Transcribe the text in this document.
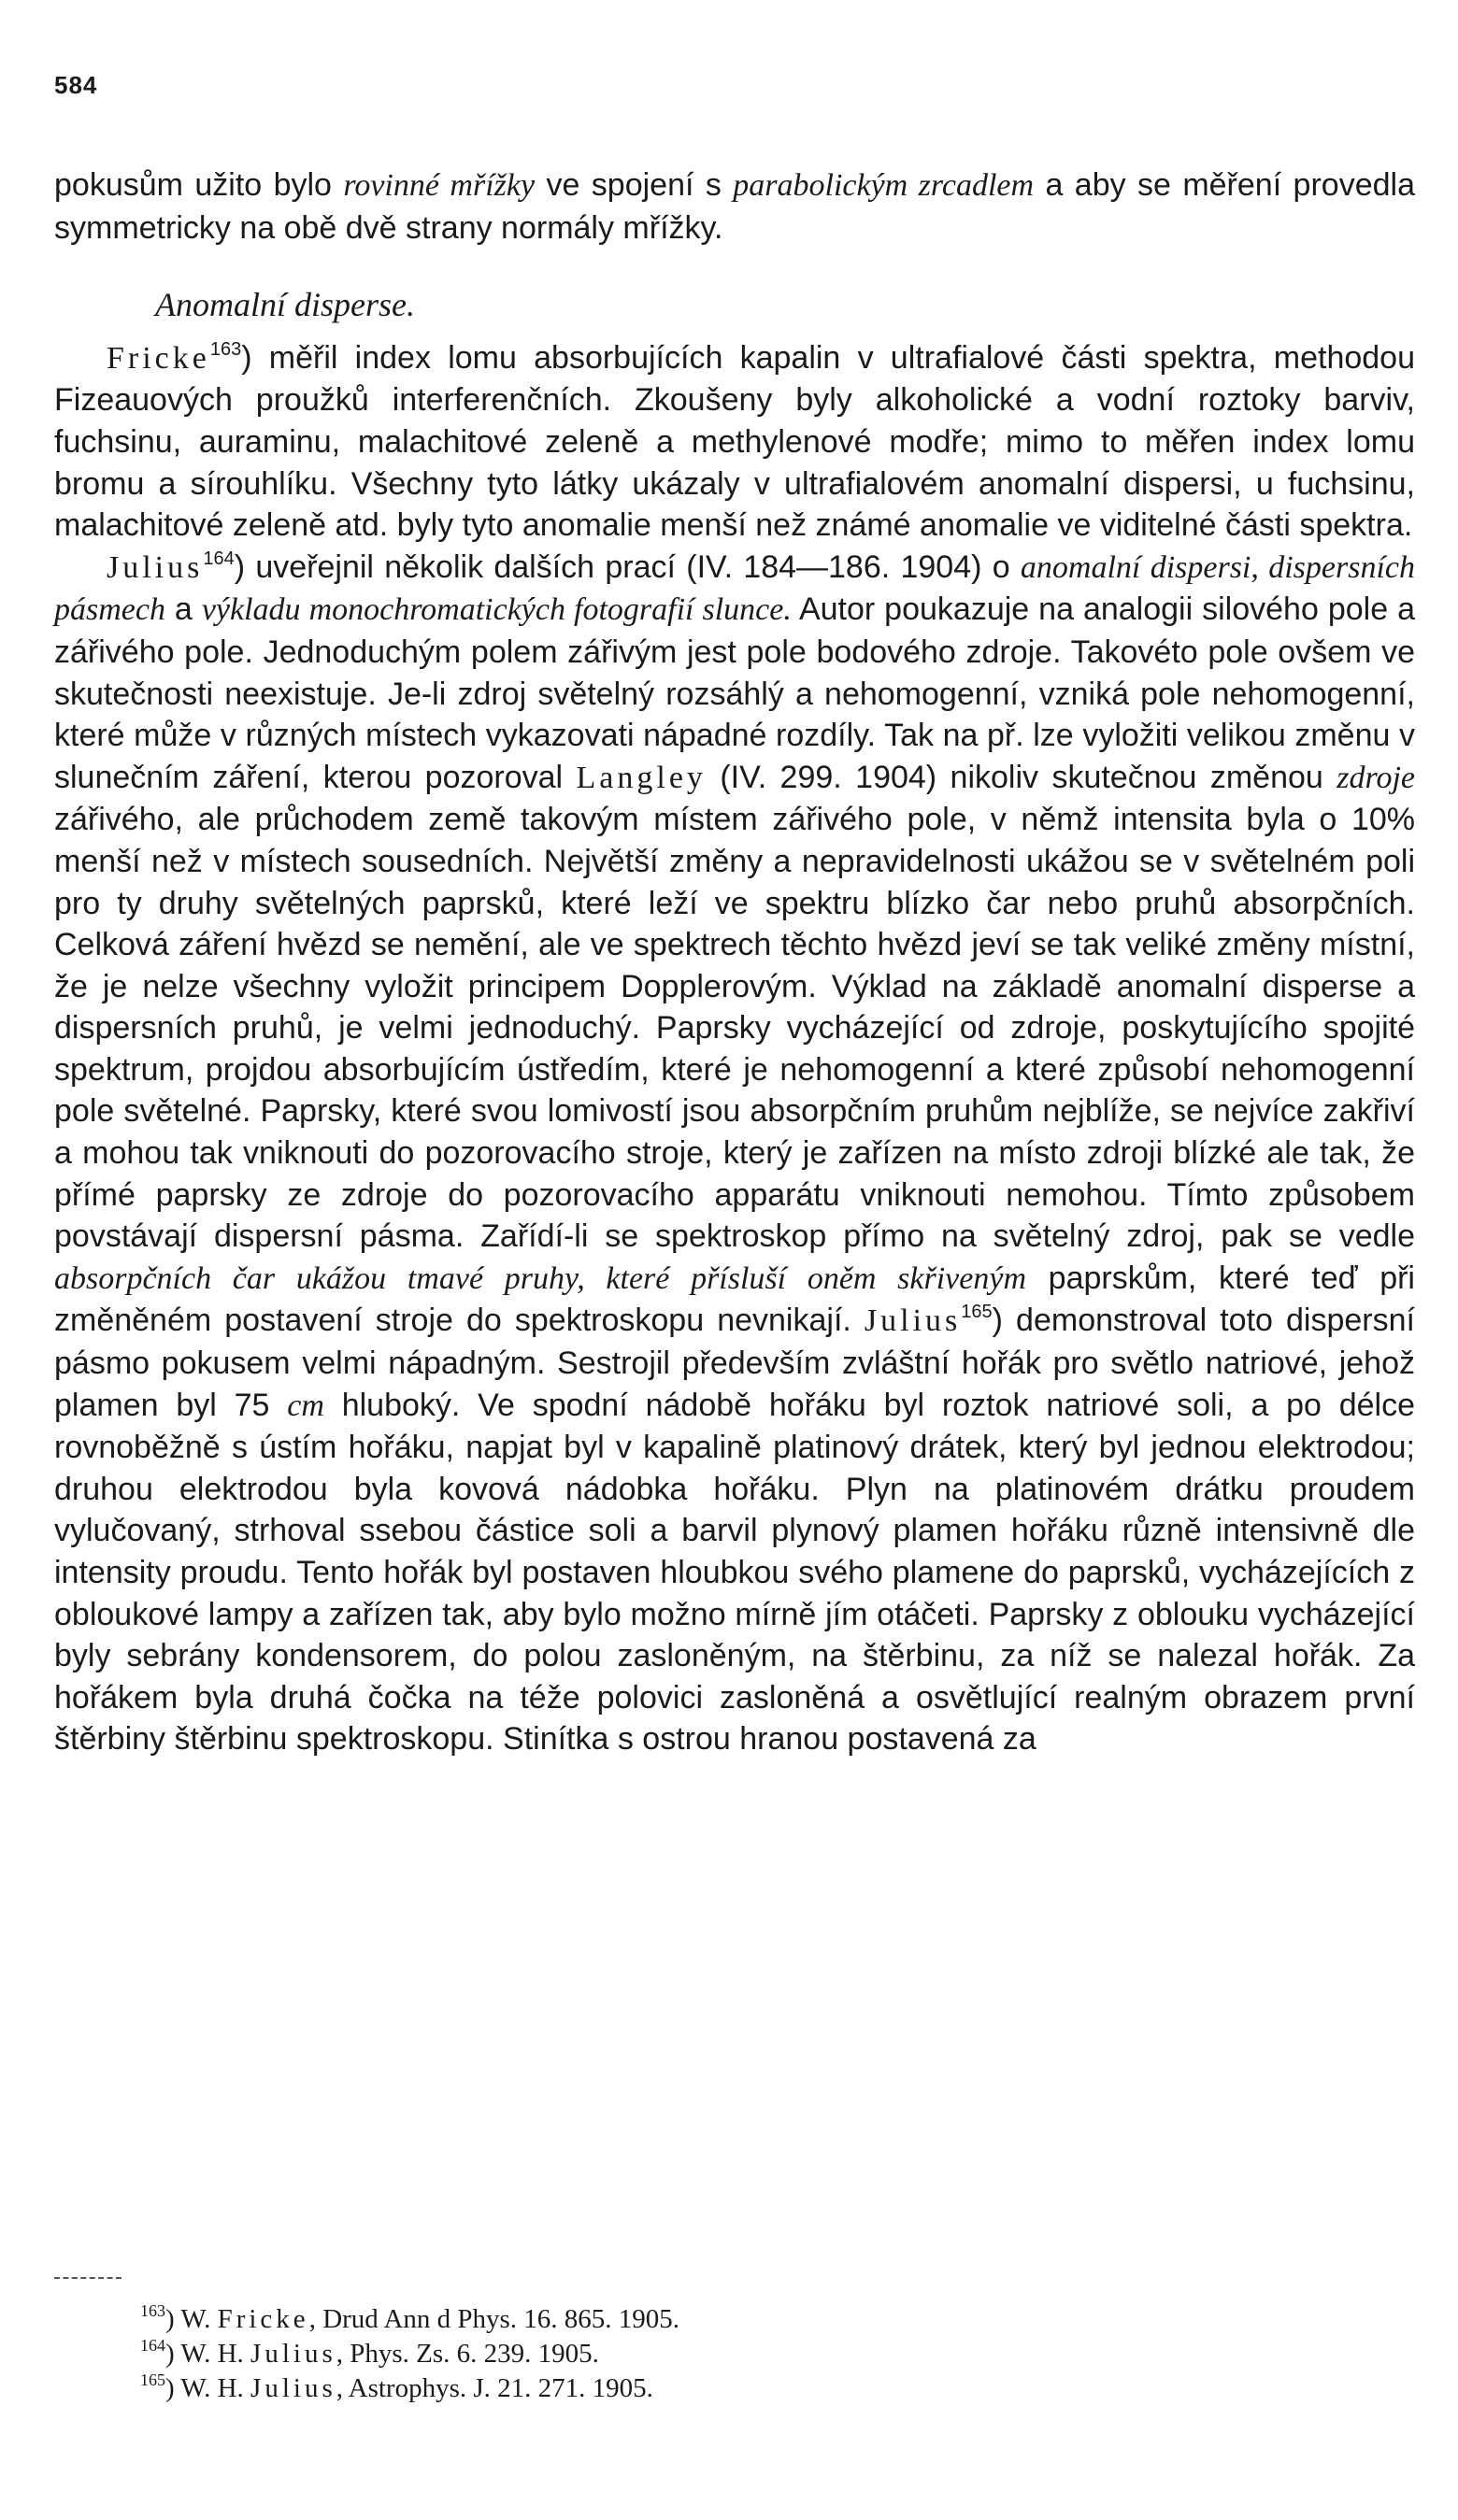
584

pokusům užito bylo rovinné mřížky ve spojení s parabolickým zrcadlem a aby se měření provedla symmetricky na obě dvě strany normály mřížky.

Anomalní disperse.

Fricke$^{163}$) měřil index lomu absorbujících kapalin v ultrafialové části spektra, methodou Fizeauových proužků interferenčních. Zkoušeny byly alkoholické a vodní roztoky barviv, fuchsinu, auraminu, malachitové zeleně a methylenové modře; mimo to měřen index lomu bromu a sírouhlíku. Všechny tyto látky ukázaly v ultrafialovém anomalní dispersi, u fuchsinu, malachitové zeleně atd. byly tyto anomalie menší než známé anomalie ve viditelné části spektra.

Julius$^{164}$) uveřejnil několik dalších prací (IV. 184—186. 1904) o anomalní dispersi, dispersních pásmech a výkladu monochromatických fotografií slunce. Autor poukazuje na analogii silového pole a zářivého pole. Jednoduchým polem zářivým jest pole bodového zdroje. Takovéto pole ovšem ve skutečnosti neexistuje. Je-li zdroj světelný rozsáhlý a nehomogenní, vzniká pole nehomogenní, které může v různých místech vykazovati nápadné rozdíly. Tak na př. lze vyložiti velikou změnu v slunečním záření, kterou pozoroval Langley (IV. 299. 1904) nikoliv skutečnou změnou zdroje zářivého, ale průchodem země takovým místem zářivého pole, v němž intensita byla o 10% menší než v místech sousedních. Největší změny a nepravidelnosti ukážou se v světelném poli pro ty druhy světelných paprsků, které leží ve spektru blízko čar nebo pruhů absorpčních. Celková záření hvězd se nemění, ale ve spektrech těchto hvězd jeví se tak veliké změny místní, že je nelze všechny vyložit principem Dopplerovým. Výklad na základě anomalní disperse a dispersních pruhů, je velmi jednoduchý. Paprsky vycházející od zdroje, poskytujícího spojité spektrum, projdou absorbujícím ústředím, které je nehomogenní a které způsobí nehomogenní pole světelné. Paprsky, které svou lomivostí jsou absorpčním pruhům nejblíže, se nejvíce zakřiví a mohou tak vniknouti do pozorovacího stroje, který je zařízen na místo zdroji blízké ale tak, že přímé paprsky ze zdroje do pozorovacího apparátu vniknouti nemohou. Tímto způsobem povstávají dispersní pásma. Zařídí-li se spektroskop přímo na světelný zdroj, pak se vedle absorpčních čar ukážou tmavé pruhy, které přísluší oněm skřiveným paprskům, které teď při změněném postavení stroje do spektroskopu nevnikají. Julius$^{165}$) demonstroval toto dispersní pásmo pokusem velmi nápadným. Sestrojil především zvláštní hořák pro světlo natriové, jehož plamen byl 75 cm hluboký. Ve spodní nádobě hořáku byl roztok natriové soli, a po délce rovnoběžně s ústím hořáku, napjat byl v kapalině platinový drátek, který byl jednou elektrodou; druhou elektrodou byla kovová nádobka hořáku. Plyn na platinovém drátku proudem vylučovaný, strhoval ssebou částice soli a barvil plynový plamen hořáku různě intensivně dle intensity proudu. Tento hořák byl postaven hloubkou svého plamene do paprsků, vycházejících z obloukové lampy a zařízen tak, aby bylo možno mírně jím otáčeti. Paprsky z oblouku vycházející byly sebrány kondensorem, do polou zasloněným, na štěrbinu, za níž se nalezal hořák. Za hořákem byla druhá čočka na téže polovici zasloněná a osvětlující realným obrazem první štěrbiny štěrbinu spektroskopu. Stinítka s ostrou hranou postavená za

$^{163}$) W. Fricke, Drud Ann d Phys. 16. 865. 1905.
$^{164}$) W. H. Julius, Phys. Zs. 6. 239. 1905.
$^{165}$) W. H. Julius, Astrophys. J. 21. 271. 1905.
